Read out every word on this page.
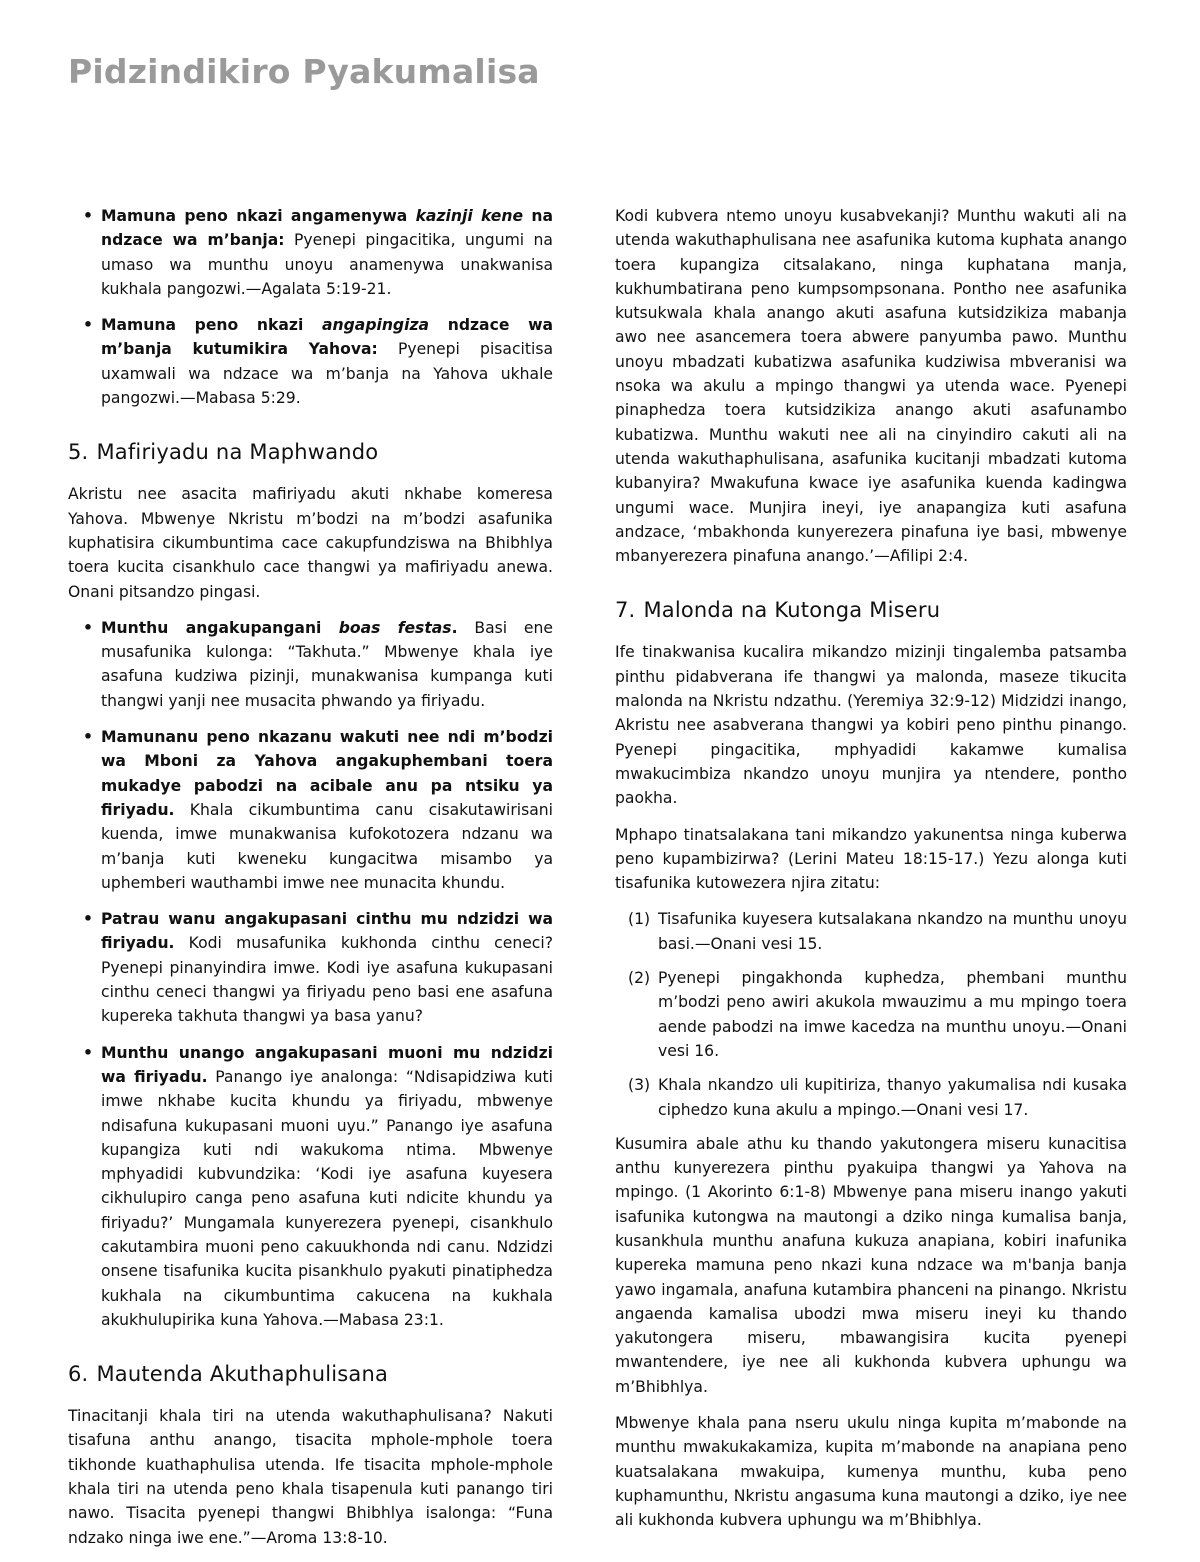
Pidzindikiro Pyakumalisa
• Mamuna peno nkazi angamenywa kazinji kene na ndzace wa m’banja: Pyenepi pingacitika, ungumi na umaso wa munthu unoyu anamenywa unakwanisa kukhala pangozwi.—Agalata 5:19-21.
• Mamuna peno nkazi angapingiza ndzace wa m’banja kutumikira Yahova: Pyenepi pisacitisa uxamwali wa ndzace wa m’banja na Yahova ukhale pangozwi.—Mabasa 5:29.
5. Mafiriyadu na Maphwando

Akristu nee asacita mafiriyadu akuti nkhabe komeresa Yahova. Mbwenye Nkristu m’bodzi na m’bodzi asafunika kuphatisira cikumbuntima cace cakupfundziswa na Bhibhlya toera kucita cisankhulo cace thangwi ya mafiriyadu anewa. Onani pitsandzo pingasi.

• Munthu angakupangani boas festas. Basi ene musafunika kulonga: “Takhuta.” Mbwenye khala iye asafuna kudziwa pizinji, munakwanisa kumpanga kuti thangwi yanji nee musacita phwando ya firiyadu.
• Mamunanu peno nkazanu wakuti nee ndi m’bodzi wa Mboni za Yahova angakuphembani toera mukadye pabodzi na acibale anu pa ntsiku ya firiyadu. Khala cikumbuntima canu cisakutawirisani kuenda, imwe munakwanisa kufokotozera ndzanu wa m’banja kuti kweneku kungacitwa misambo ya uphemberi wauthambi imwe nee munacita khundu.
• Patrau wanu angakupasani cinthu mu ndzidzi wa firiyadu. Kodi musafunika kukhonda cinthu ceneci? Pyenepi pinanyindira imwe. Kodi iye asafuna kukupasani cinthu ceneci thangwi ya firiyadu peno basi ene asafuna kupereka takhuta thangwi ya basa yanu?
• Munthu unango angakupasani muoni mu ndzidzi wa firiyadu. Panango iye analonga: “Ndisapidziwa kuti imwe nkhabe kucita khundu ya firiyadu, mbwenye ndisafuna kukupasani muoni uyu.” Panango iye asafuna kupangiza kuti ndi wakukoma ntima. Mbwenye mphyadidi kubvundzika: ‘Kodi iye asafuna kuyesera cikhulupiro canga peno asafuna kuti ndicite khundu ya firiyadu?’ Mungamala kunyerezera pyenepi, cisankhulo cakutambira muoni peno cakuukhonda ndi canu. Ndzidzi onsene tisafunika kucita pisankhulo pyakuti pinatiphedza kukhala na cikumbuntima cakucena na kukhala akukhulupirika kuna Yahova.—Mabasa 23:1.
6. Mautenda Akuthaphulisana

Tinacitanji khala tiri na utenda wakuthaphulisana? Nakuti tisafuna anthu anango, tisacita mphole-mphole toera tikhonde kuathaphulisa utenda. Ife tisacita mphole-mphole khala tiri na utenda peno khala tisapenula kuti panango tiri nawo. Tisacita pyenepi thangwi Bhibhlya isalonga: “Funa ndzako ninga iwe ene.”—Aroma 13:8-10.

Kodi kubvera ntemo unoyu kusabvekanji? Munthu wakuti ali na utenda wakuthaphulisana nee asafunika kutoma kuphata anango toera kupangiza citsalakano, ninga kuphatana manja, kukhumbatirana peno kumpsompsonana. Pontho nee asafunika kutsukwala khala anango akuti asafuna kutsidzikiza mabanja awo nee asancemera toera abwere panyumba pawo. Munthu unoyu mbadzati kubatizwa asafunika kudziwisa mbveranisi wa nsoka wa akulu a mpingo thangwi ya utenda wace. Pyenepi pinaphedza toera kutsidzikiza anango akuti asafunambo kubatizwa. Munthu wakuti nee ali na cinyindiro cakuti ali na utenda wakuthaphulisana, asafunika kucitanji mbadzati kutoma kubanyira? Mwakufuna kwace iye asafunika kuenda kadingwa ungumi wace. Munjira ineyi, iye anapangiza kuti asafuna andzace, ‘mbakhonda kunyerezera pinafuna iye basi, mbwenye mbanyerezera pinafuna anango.’—Afilipi 2:4.

7. Malonda na Kutonga Miseru

Ife tinakwanisa kucalira mikandzo mizinji tingalemba patsamba pinthu pidabverana ife thangwi ya malonda, maseze tikucita malonda na Nkristu ndzathu. (Yeremiya 32:9-12) Midzidzi inango, Akristu nee asabverana thangwi ya kobiri peno pinthu pinango. Pyenepi pingacitika, mphyadidi kakamwe kumalisa mwakucimbiza nkandzo unoyu munjira ya ntendere, pontho paokha.

Mphapo tinatsalakana tani mikandzo yakunentsa ninga kuberwa peno kupambizirwa? (Lerini Mateu 18:15-17.) Yezu alonga kuti tisafunika kutowezera njira zitatu:

(1) Tisafunika kuyesera kutsalakana nkandzo na munthu unoyu basi.—Onani vesi 15.
(2) Pyenepi pingakhonda kuphedza, phembani munthu m’bodzi peno awiri akukola mwauzimu a mu mpingo toera aende pabodzi na imwe kacedza na munthu unoyu.—Onani vesi 16.
(3) Khala nkandzo uli kupitiriza, thanyo yakumalisa ndi kusaka ciphedzo kuna akulu a mpingo.—Onani vesi 17.

Kusumira abale athu ku thando yakutongera miseru kunacitisa anthu kunyerezera pinthu pyakuipa thangwi ya Yahova na mpingo. (1 Akorinto 6:1-8) Mbwenye pana miseru inango yakuti isafunika kutongwa na mautongi a dziko ninga kumalisa banja, kusankhula munthu anafuna kukuza anapiana, kobiri inafunika kupereka mamuna peno nkazi kuna ndzace wa m'banja banja yawo ingamala, anafuna kutambira phanceni na pinango. Nkristu angaenda kamalisa ubodzi mwa miseru ineyi ku thando yakutongera miseru, mbawangisira kucita pyenepi mwantendere, iye nee ali kukhonda kubvera uphungu wa m’Bhibhlya.

Mbwenye khala pana nseru ukulu ninga kupita m’mabonde na munthu mwakukakamiza, kupita m’mabonde na anapiana peno kuatsalakana mwakuipa, kumenya munthu, kuba peno kuphamunthu, Nkristu angasuma kuna mautongi a dziko, iye nee ali kukhonda kubvera uphungu wa m’Bhibhlya.
